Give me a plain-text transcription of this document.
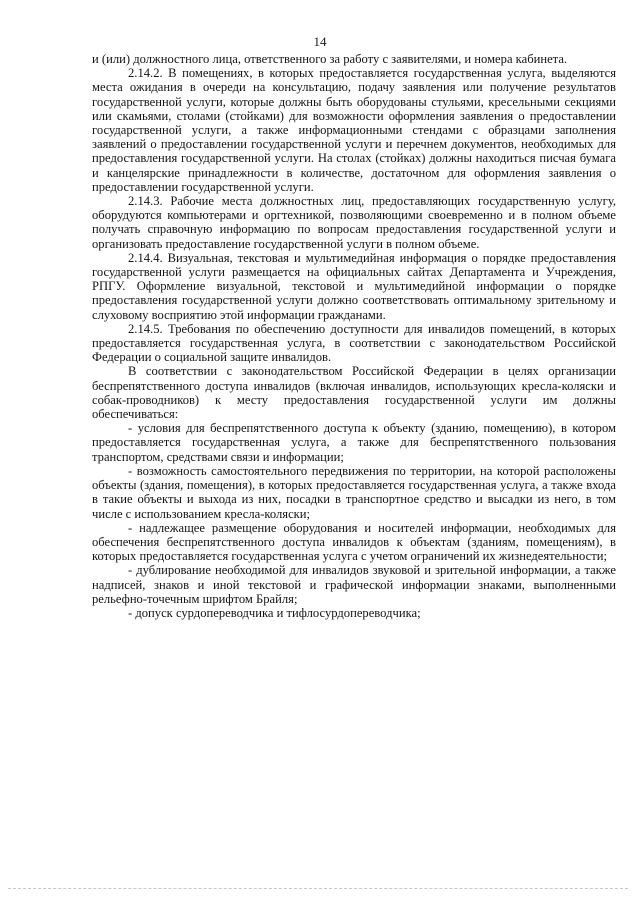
14

и (или) должностного лица, ответственного за работу с заявителями, и номера кабинета.

2.14.2. В помещениях, в которых предоставляется государственная услуга, выделяются места ожидания в очереди на консультацию, подачу заявления или получение результатов государственной услуги, которые должны быть оборудованы стульями, кресельными секциями или скамьями, столами (стойками) для возможности оформления заявления о предоставлении государственной услуги, а также информационными стендами с образцами заполнения заявлений о предоставлении государственной услуги и перечнем документов, необходимых для предоставления государственной услуги. На столах (стойках) должны находиться писчая бумага и канцелярские принадлежности в количестве, достаточном для оформления заявления о предоставлении государственной услуги.

2.14.3. Рабочие места должностных лиц, предоставляющих государственную услугу, оборудуются компьютерами и оргтехникой, позволяющими своевременно и в полном объеме получать справочную информацию по вопросам предоставления государственной услуги и организовать предоставление государственной услуги в полном объеме.

2.14.4. Визуальная, текстовая и мультимедийная информация о порядке предоставления государственной услуги размещается на официальных сайтах Департамента и Учреждения, РПГУ. Оформление визуальной, текстовой и мультимедийной информации о порядке предоставления государственной услуги должно соответствовать оптимальному зрительному и слуховому восприятию этой информации гражданами.

2.14.5. Требования по обеспечению доступности для инвалидов помещений, в которых предоставляется государственная услуга, в соответствии с законодательством Российской Федерации о социальной защите инвалидов.

В соответствии с законодательством Российской Федерации в целях организации беспрепятственного доступа инвалидов (включая инвалидов, использующих кресла-коляски и собак-проводников) к месту предоставления государственной услуги им должны обеспечиваться:

- условия для беспрепятственного доступа к объекту (зданию, помещению), в котором предоставляется государственная услуга, а также для беспрепятственного пользования транспортом, средствами связи и информации;

- возможность самостоятельного передвижения по территории, на которой расположены объекты (здания, помещения), в которых предоставляется государственная услуга, а также входа в такие объекты и выхода из них, посадки в транспортное средство и высадки из него, в том числе с использованием кресла-коляски;

- надлежащее размещение оборудования и носителей информации, необходимых для обеспечения беспрепятственного доступа инвалидов к объектам (зданиям, помещениям), в которых предоставляется государственная услуга с учетом ограничений их жизнедеятельности;

- дублирование необходимой для инвалидов звуковой и зрительной информации, а также надписей, знаков и иной текстовой и графической информации знаками, выполненными рельефно-точечным шрифтом Брайля;

- допуск сурдопереводчика и тифлосурдопереводчика;
